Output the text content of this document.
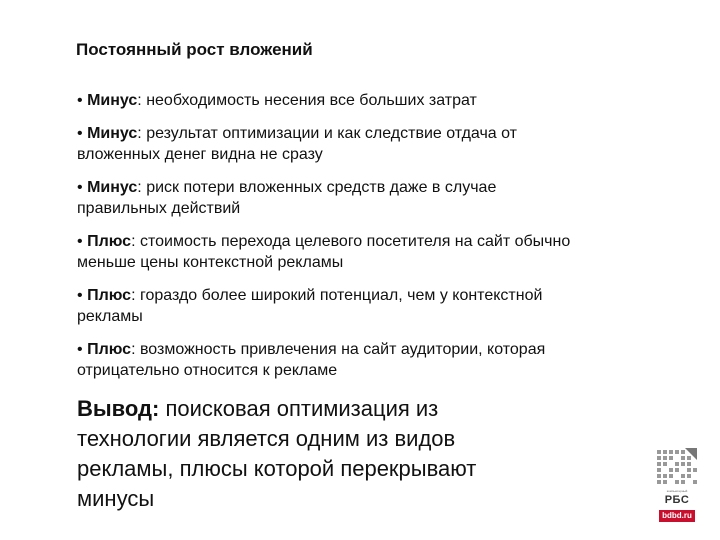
Постоянный рост вложений
• Минус: необходимость несения все больших затрат
• Минус: результат оптимизации и как следствие отдача от вложенных денег видна не сразу
• Минус: риск потери вложенных средств даже в случае правильных действий
• Плюс: стоимость перехода целевого посетителя на сайт обычно меньше цены контекстной рекламы
• Плюс: гораздо более широкий потенциал, чем у контекстной рекламы
• Плюс: возможность привлечения на сайт аудитории, которая отрицательно относится к рекламе
Вывод: поисковая оптимизация из технологии является одним из видов рекламы, плюсы которой перекрывают минусы	компьютерный
РБС
bdbd.ru
